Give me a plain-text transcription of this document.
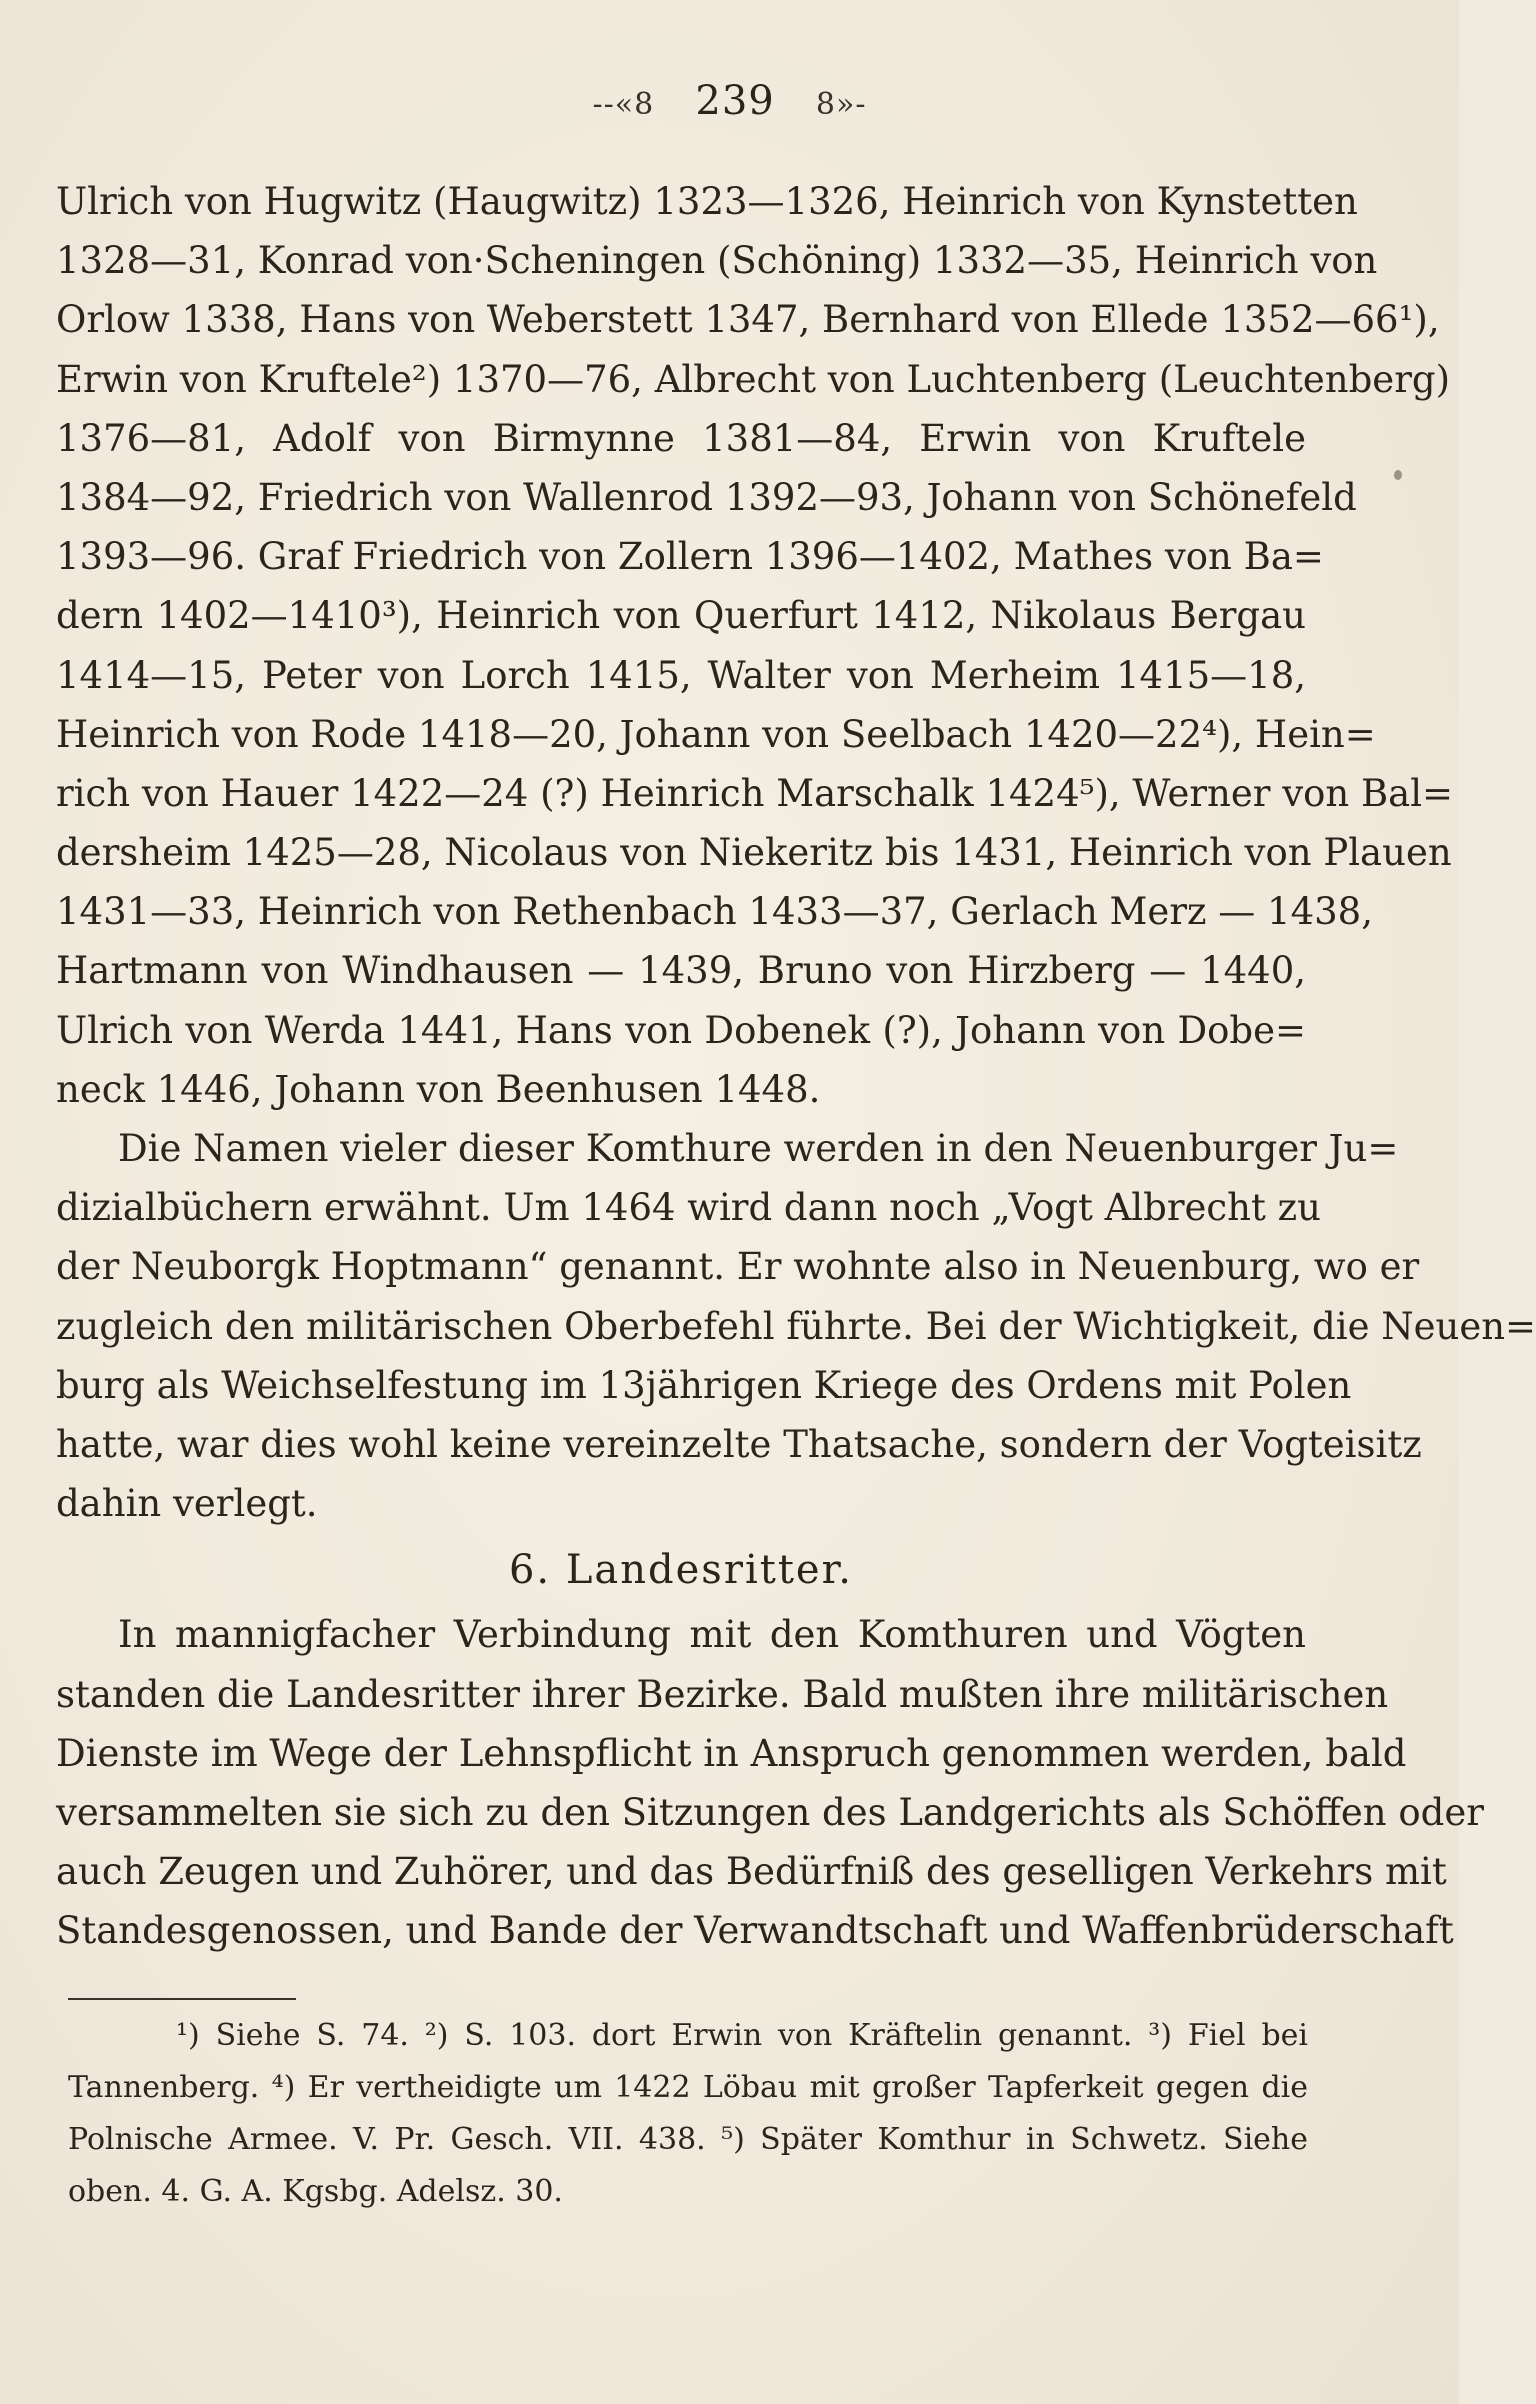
--«8 239 8»-
Ulrich von Hugwitz (Haugwitz) 1323—1326, Heinrich von Kynstetten
1328—31, Konrad von·Scheningen (Schöning) 1332—35, Heinrich von
Orlow 1338, Hans von Weberstett 1347, Bernhard von Ellede 1352—66¹),
Erwin von Kruftele²) 1370—76, Albrecht von Luchtenberg (Leuchtenberg)
1376—81, Adolf von Birmynne 1381—84, Erwin von Kruftele
1384—92, Friedrich von Wallenrod 1392—93, Johann von Schönefeld
1393—96. Graf Friedrich von Zollern 1396—1402, Mathes von Ba=
dern 1402—1410³), Heinrich von Querfurt 1412, Nikolaus Bergau
1414—15, Peter von Lorch 1415, Walter von Merheim 1415—18,
Heinrich von Rode 1418—20, Johann von Seelbach 1420—22⁴), Hein=
rich von Hauer 1422—24 (?) Heinrich Marschalk 1424⁵), Werner von Bal=
dersheim 1425—28, Nicolaus von Niekeritz bis 1431, Heinrich von Plauen
1431—33, Heinrich von Rethenbach 1433—37, Gerlach Merz — 1438,
Hartmann von Windhausen — 1439, Bruno von Hirzberg — 1440,
Ulrich von Werda 1441, Hans von Dobenek (?), Johann von Dobe=
neck 1446, Johann von Beenhusen 1448.
Die Namen vieler dieser Komthure werden in den Neuenburger Ju=
dizialbüchern erwähnt. Um 1464 wird dann noch „Vogt Albrecht zu
der Neuborgk Hoptmann“ genannt. Er wohnte also in Neuenburg, wo er
zugleich den militärischen Oberbefehl führte. Bei der Wichtigkeit, die Neuen=
burg als Weichselfestung im 13jährigen Kriege des Ordens mit Polen
hatte, war dies wohl keine vereinzelte Thatsache, sondern der Vogteisitz
dahin verlegt.
6. Landesritter.
In mannigfacher Verbindung mit den Komthuren und Vögten
standen die Landesritter ihrer Bezirke. Bald mußten ihre militärischen
Dienste im Wege der Lehnspflicht in Anspruch genommen werden, bald
versammelten sie sich zu den Sitzungen des Landgerichts als Schöffen oder
auch Zeugen und Zuhörer, und das Bedürfniß des geselligen Verkehrs mit
Standesgenossen, und Bande der Verwandtschaft und Waffenbrüderschaft
¹) Siehe S. 74. ²) S. 103. dort Erwin von Kräftelin genannt. ³) Fiel bei
Tannenberg. ⁴) Er vertheidigte um 1422 Löbau mit großer Tapferkeit gegen die
Polnische Armee. V. Pr. Gesch. VII. 438. ⁵) Später Komthur in Schwetz. Siehe
oben. 4. G. A. Kgsbg. Adelsz. 30.
